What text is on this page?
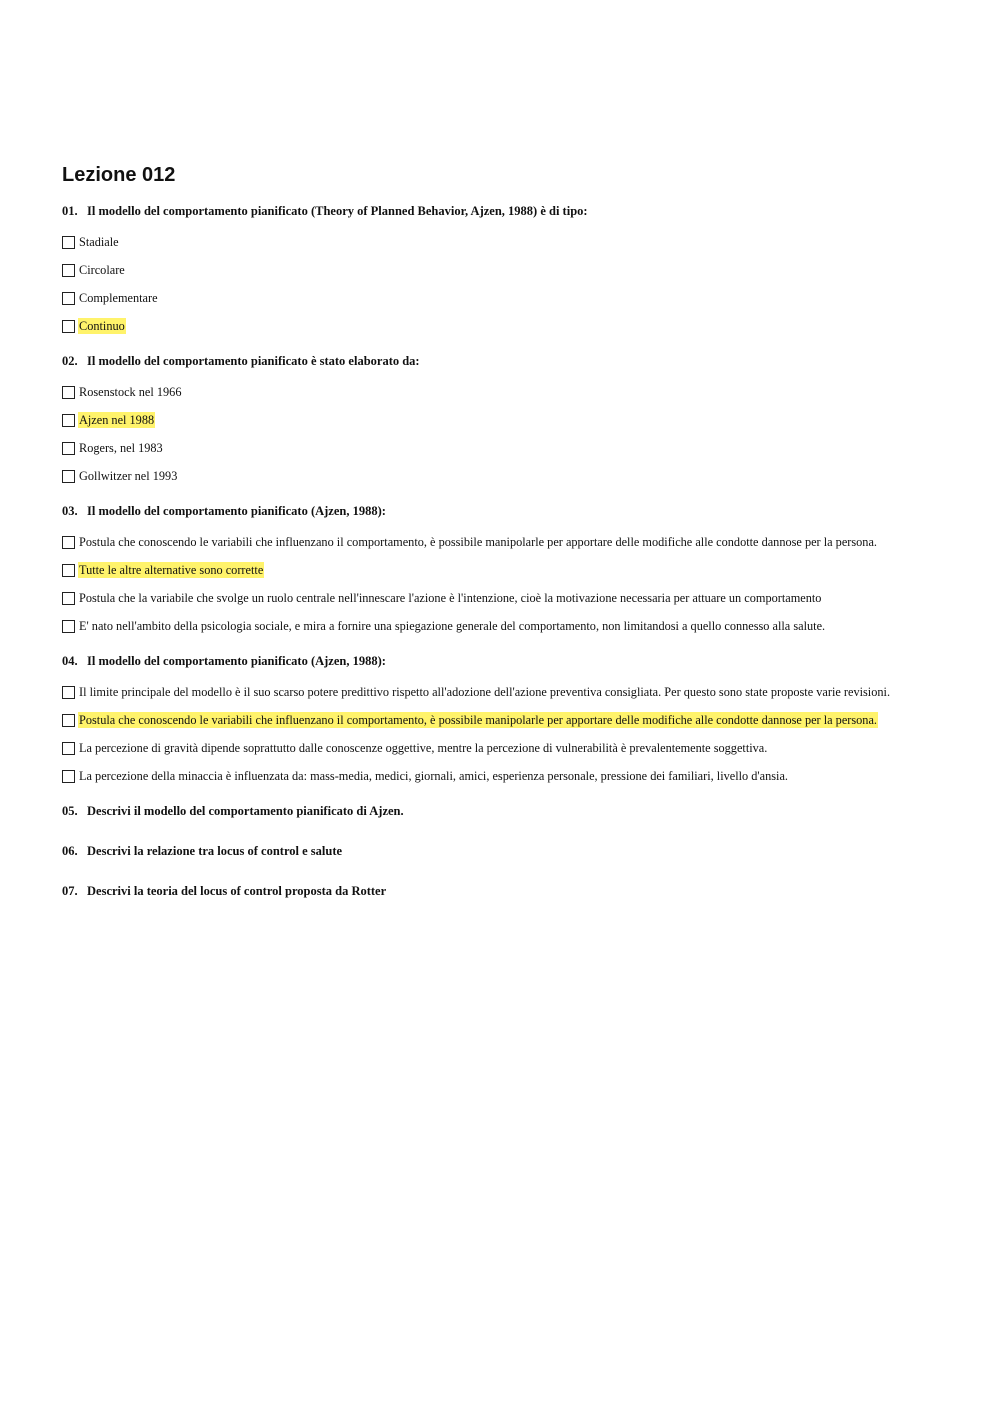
Lezione 012
01. Il modello del comportamento pianificato (Theory of Planned Behavior, Ajzen, 1988) è di tipo:
Stadiale
Circolare
Complementare
Continuo
02. Il modello del comportamento pianificato è stato elaborato da:
Rosenstock nel 1966
Ajzen nel 1988
Rogers, nel 1983
Gollwitzer nel 1993
03. Il modello del comportamento pianificato (Ajzen, 1988):
Postula che conoscendo le variabili che influenzano il comportamento, è possibile manipolarle per apportare delle modifiche alle condotte dannose per la persona.
Tutte le altre alternative sono corrette
Postula che la variabile che svolge un ruolo centrale nell'innescare l'azione è l'intenzione, cioè la motivazione necessaria per attuare un comportamento
E' nato nell'ambito della psicologia sociale, e mira a fornire una spiegazione generale del comportamento, non limitandosi a quello connesso alla salute.
04. Il modello del comportamento pianificato (Ajzen, 1988):
Il limite principale del modello è il suo scarso potere predittivo rispetto all'adozione dell'azione preventiva consigliata. Per questo sono state proposte varie revisioni.
Postula che conoscendo le variabili che influenzano il comportamento, è possibile manipolarle per apportare delle modifiche alle condotte dannose per la persona.
La percezione di gravità dipende soprattutto dalle conoscenze oggettive, mentre la percezione di vulnerabilità è prevalentemente soggettiva.
La percezione della minaccia è influenzata da: mass-media, medici, giornali, amici, esperienza personale, pressione dei familiari, livello d'ansia.
05. Descrivi il modello del comportamento pianificato di Ajzen.
06. Descrivi la relazione tra locus of control e salute
07. Descrivi la teoria del locus of control proposta da Rotter
